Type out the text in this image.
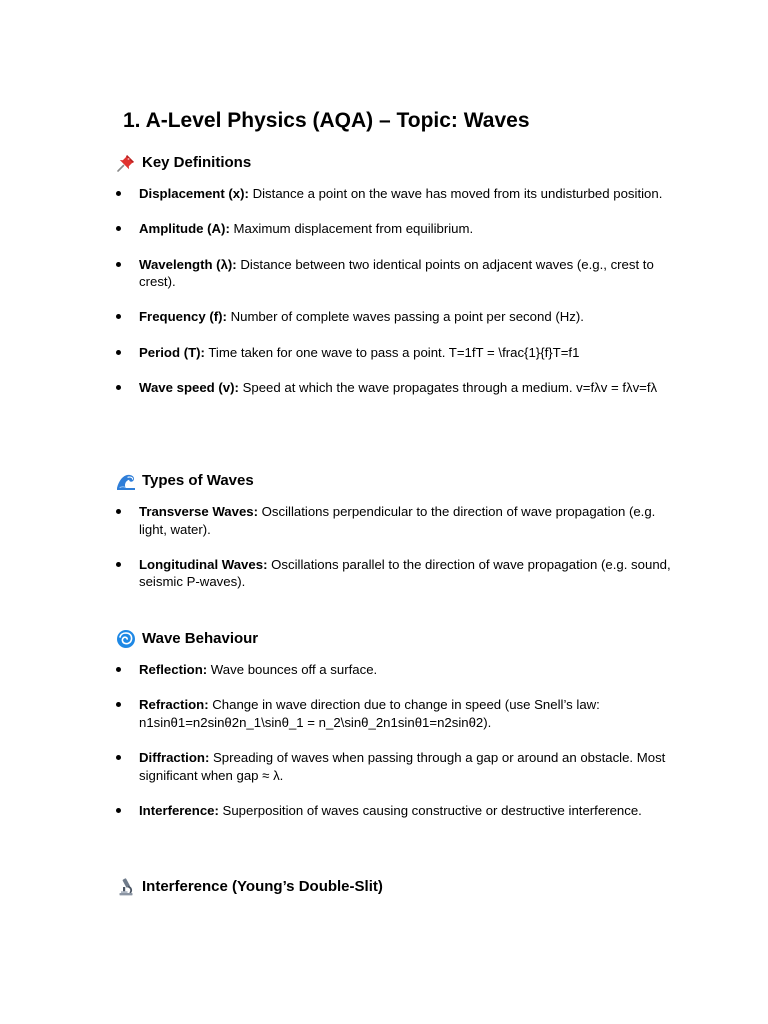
1. A-Level Physics (AQA) – Topic: Waves
Key Definitions
Displacement (x): Distance a point on the wave has moved from its undisturbed position.
Amplitude (A): Maximum displacement from equilibrium.
Wavelength (λ): Distance between two identical points on adjacent waves (e.g., crest to crest).
Frequency (f): Number of complete waves passing a point per second (Hz).
Period (T): Time taken for one wave to pass a point. T=1fT = \frac{1}{f}T=f1
Wave speed (v): Speed at which the wave propagates through a medium. v=fλv = fλv=fλ
Types of Waves
Transverse Waves: Oscillations perpendicular to the direction of wave propagation (e.g. light, water).
Longitudinal Waves: Oscillations parallel to the direction of wave propagation (e.g. sound, seismic P-waves).
Wave Behaviour
Reflection: Wave bounces off a surface.
Refraction: Change in wave direction due to change in speed (use Snell’s law: n1sinθ1=n2sinθ2n_1\sinθ_1 = n_2\sinθ_2n1sinθ1=n2sinθ2).
Diffraction: Spreading of waves when passing through a gap or around an obstacle. Most significant when gap ≈ λ.
Interference: Superposition of waves causing constructive or destructive interference.
Interference (Young’s Double-Slit)
